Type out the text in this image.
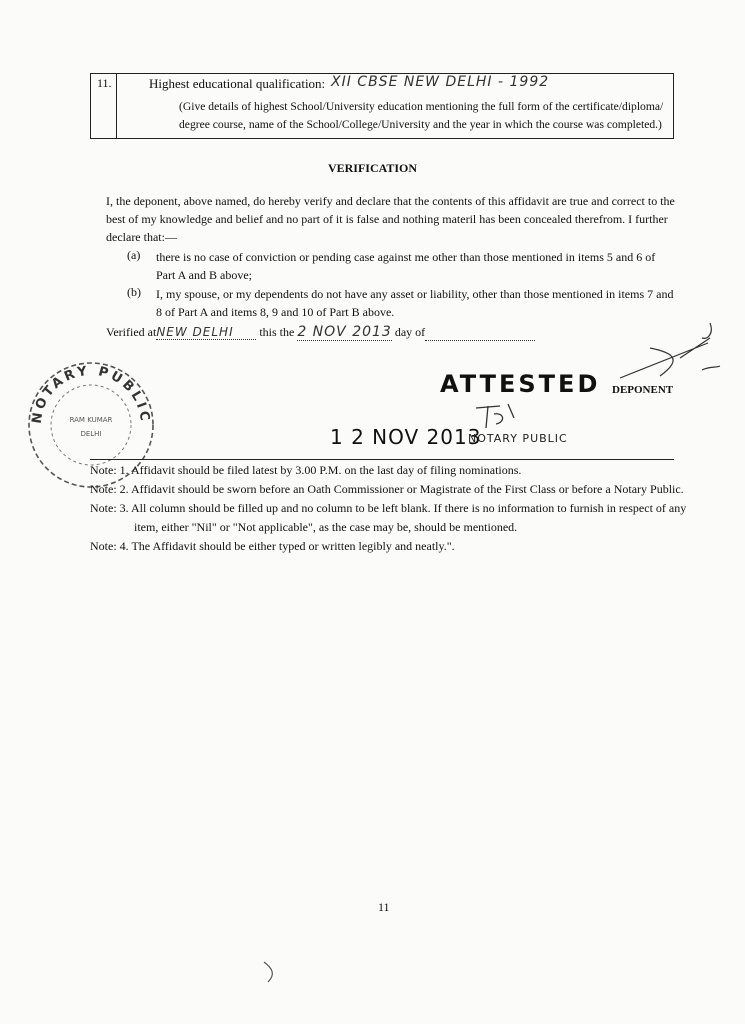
11.	Highest educational qualification: XII CBSE NEW DELHI - 1992
(Give details of highest School/University education mentioning the full form of the certificate/diploma/ degree course, name of the School/College/University and the year in which the course was completed.)
VERIFICATION
I, the deponent, above named, do hereby verify and declare that the contents of this affidavit are true and correct to the best of my knowledge and belief and no part of it is false and nothing materil has been concealed therefrom. I further declare that:—
(a) there is no case of conviction or pending case against me other than those mentioned in items 5 and 6 of Part A and B above;
(b) I, my spouse, or my dependents do not have any asset or liability, other than those mentioned in items 7 and 8 of Part A and items 8, 9 and 10 of Part B above.
Verified atNEW DELHI this the 2 NOV 2013 day of
NOTARY PUBLIC
RAM KUMAR
DELHI
ATTESTED
1 2 NOV 2013
NOTARY PUBLIC
DEPONENT
Note: 1. Affidavit should be filed latest by 3.00 P.M. on the last day of filing nominations.
Note: 2. Affidavit should be sworn before an Oath Commissioner or Magistrate of the First Class or before a Notary Public.
Note: 3. All column should be filled up and no column to be left blank. If there is no information to furnish in respect of any
item, either "Nil" or "Not applicable", as the case may be, should be mentioned.
Note: 4. The Affidavit should be either typed or written legibly and neatly.".
11
